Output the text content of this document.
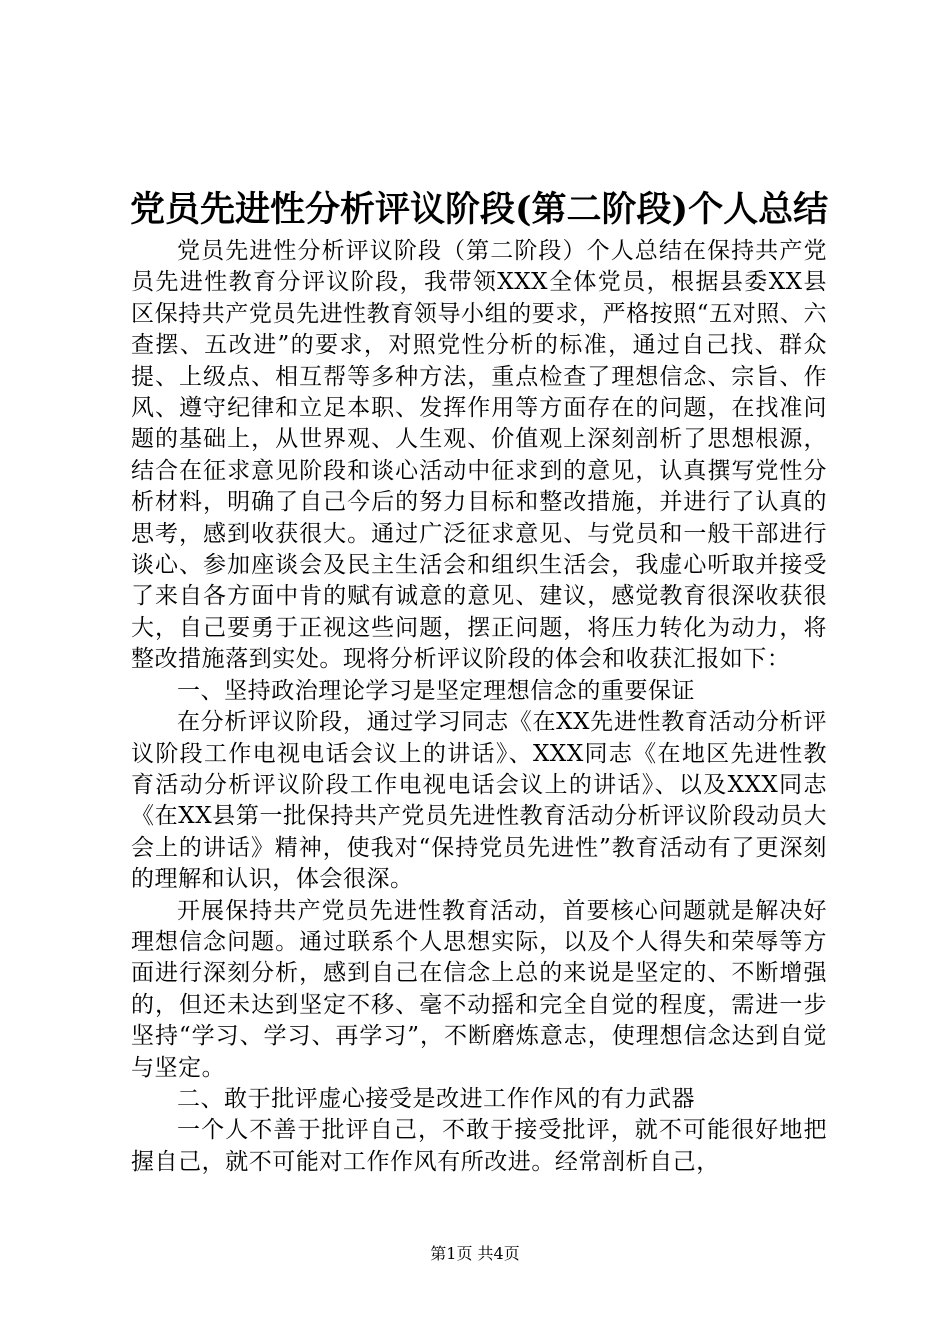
党员先进性分析评议阶段(第二阶段)个人总结

党员先进性分析评议阶段（第二阶段）个人总结在保持共产党员先进性教育分评议阶段，我带领XXX全体党员，根据县委XX县区保持共产党员先进性教育领导小组的要求，严格按照“五对照、六查摆、五改进”的要求，对照党性分析的标准，通过自己找、群众提、上级点、相互帮等多种方法，重点检查了理想信念、宗旨、作风、遵守纪律和立足本职、发挥作用等方面存在的问题，在找准问题的基础上，从世界观、人生观、价值观上深刻剖析了思想根源，结合在征求意见阶段和谈心活动中征求到的意见，认真撰写党性分析材料，明确了自己今后的努力目标和整改措施，并进行了认真的思考，感到收获很大。通过广泛征求意见、与党员和一般干部进行谈心、参加座谈会及民主生活会和组织生活会，我虚心听取并接受了来自各方面中肯的赋有诚意的意见、建议，感觉教育很深收获很大，自己要勇于正视这些问题，摆正问题，将压力转化为动力，将整改措施落到实处。现将分析评议阶段的体会和收获汇报如下：

一、坚持政治理论学习是坚定理想信念的重要保证

在分析评议阶段，通过学习同志《在XX先进性教育活动分析评议阶段工作电视电话会议上的讲话》、XXX同志《在地区先进性教育活动分析评议阶段工作电视电话会议上的讲话》、以及XXX同志《在XX县第一批保持共产党员先进性教育活动分析评议阶段动员大会上的讲话》精神，使我对“保持党员先进性”教育活动有了更深刻的理解和认识，体会很深。

开展保持共产党员先进性教育活动，首要核心问题就是解决好理想信念问题。通过联系个人思想实际，以及个人得失和荣辱等方面进行深刻分析，感到自己在信念上总的来说是坚定的、不断增强的，但还未达到坚定不移、毫不动摇和完全自觉的程度，需进一步坚持“学习、学习、再学习”，不断磨炼意志，使理想信念达到自觉与坚定。

二、敢于批评虚心接受是改进工作作风的有力武器

一个人不善于批评自己，不敢于接受批评，就不可能很好地把握自己，就不可能对工作作风有所改进。经常剖析自己，

第1页 共4页
